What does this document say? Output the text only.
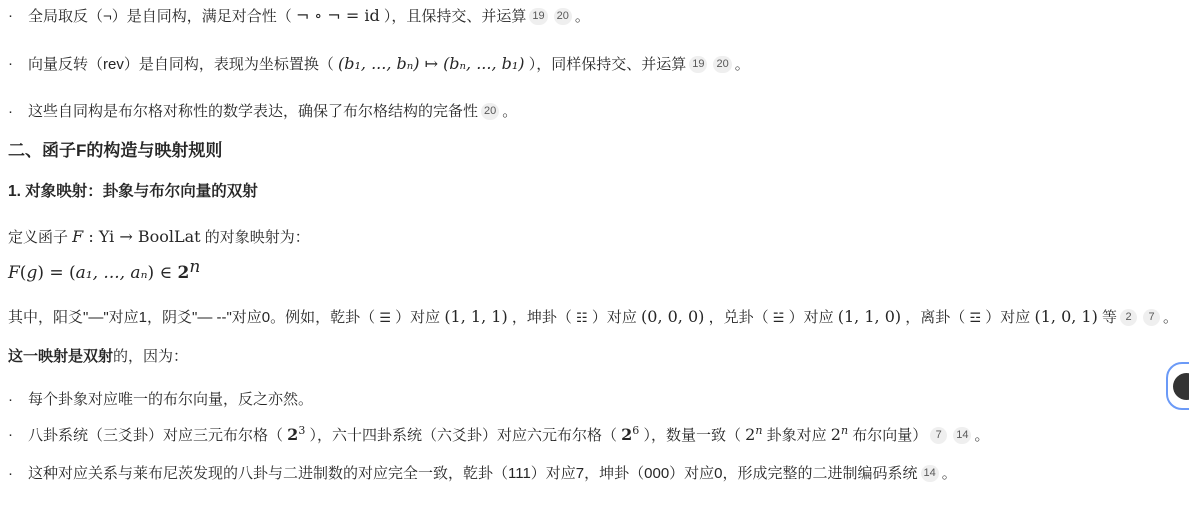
·	全局取反（¬）是自同构，满足对合性（ ¬ ∘ ¬ = id ），且保持交、并运算 19 20 。
·	向量反转（rev）是自同构，表现为坐标置换（ (b₁, ..., bₙ) ↦ (bₙ, ..., b₁) ），同样保持交、并运算 19 20 。
·	这些自同构是布尔格对称性的数学表达，确保了布尔格结构的完备性 20 。
二、函子F的构造与映射规则
1. 对象映射：卦象与布尔向量的双射
定义函子 F : Yi → BoolLat 的对象映射为：
F(g) = (a₁, ..., aₙ) ∈ 2n
其中，阳爻"—"对应1，阴爻"— --"对应0。例如，乾卦（ ☰ ）对应 (1, 1, 1) ，坤卦（ ☷ ）对应 (0, 0, 0) ，兑卦（ ☱ ）对应 (1, 1, 0) ，离卦（ ☲ ）对应 (1, 0, 1) 等 2 7 。
这一映射是双射的，因为：
·	每个卦象对应唯一的布尔向量，反之亦然。
·	八卦系统（三爻卦）对应三元布尔格（ $2^3$ ），六十四卦系统（六爻卦）对应六元布尔格（ $2^6$ ），数量一致（ 2$^n$ 卦象对应 2$^n$ 布尔向量） 7 14 。
·	这种对应关系与莱布尼茨发现的八卦与二进制数的对应完全一致，乾卦（111）对应7，坤卦（000）对应0，形成完整的二进制编码系统 14 。
